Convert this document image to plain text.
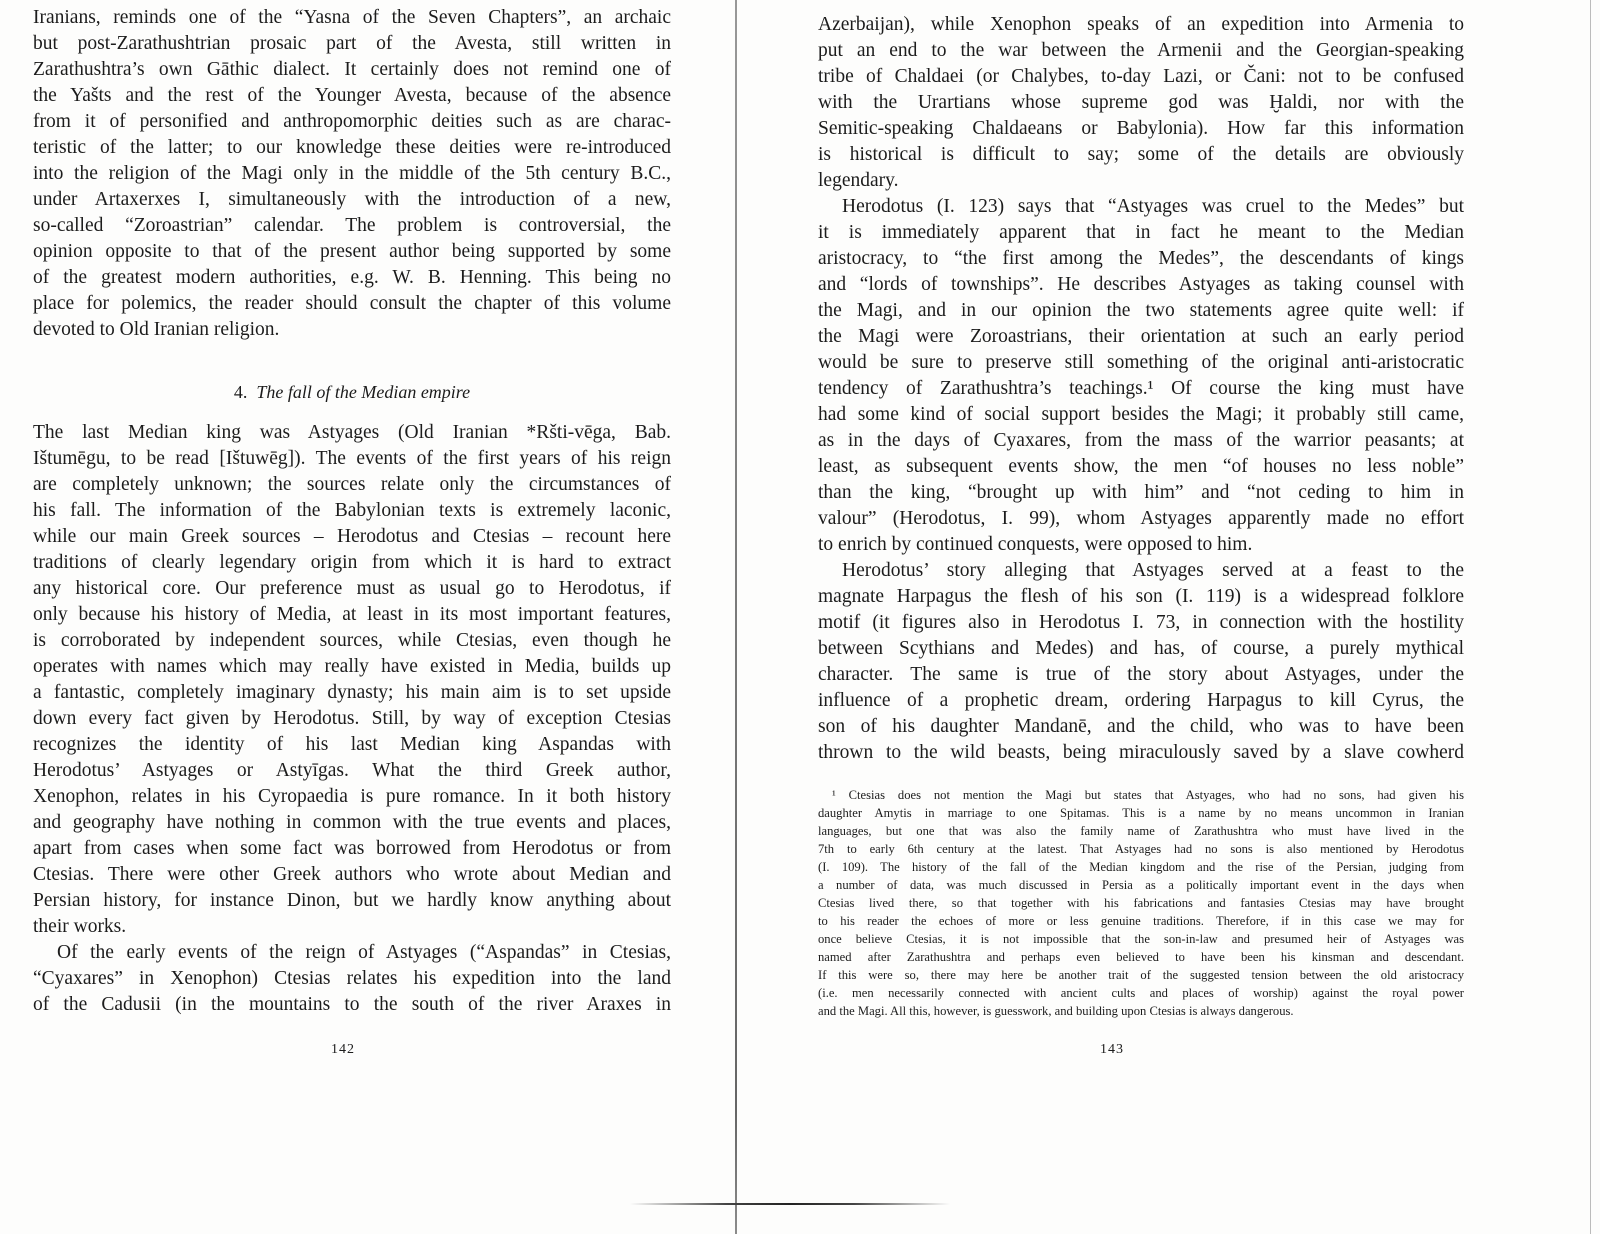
Iranians, reminds one of the “Yasna of the Seven Chapters”, an archaic
but post-Zarathushtrian prosaic part of the Avesta, still written in
Zarathushtra’s own Gāthic dialect. It certainly does not remind one of
the Yašts and the rest of the Younger Avesta, because of the absence
from it of personified and anthropomorphic deities such as are charac-
teristic of the latter; to our knowledge these deities were re-introduced
into the religion of the Magi only in the middle of the 5th century B.C.,
under Artaxerxes I, simultaneously with the introduction of a new,
so-called “Zoroastrian” calendar. The problem is controversial, the
opinion opposite to that of the present author being supported by some
of the greatest modern authorities, e.g. W. B. Henning. This being no
place for polemics, the reader should consult the chapter of this volume
devoted to Old Iranian religion.
4. The fall of the Median empire
The last Median king was Astyages (Old Iranian *Ršti-vēga, Bab.
Ištumēgu, to be read [Ištuwēg]). The events of the first years of his reign
are completely unknown; the sources relate only the circumstances of
his fall. The information of the Babylonian texts is extremely laconic,
while our main Greek sources – Herodotus and Ctesias – recount here
traditions of clearly legendary origin from which it is hard to extract
any historical core. Our preference must as usual go to Herodotus, if
only because his history of Media, at least in its most important features,
is corroborated by independent sources, while Ctesias, even though he
operates with names which may really have existed in Media, builds up
a fantastic, completely imaginary dynasty; his main aim is to set upside
down every fact given by Herodotus. Still, by way of exception Ctesias
recognizes the identity of his last Median king Aspandas with
Herodotus’ Astyages or Astyīgas. What the third Greek author,
Xenophon, relates in his Cyropaedia is pure romance. In it both history
and geography have nothing in common with the true events and places,
apart from cases when some fact was borrowed from Herodotus or from
Ctesias. There were other Greek authors who wrote about Median and
Persian history, for instance Dinon, but we hardly know anything about
their works.
Of the early events of the reign of Astyages (“Aspandas” in Ctesias,
“Cyaxares” in Xenophon) Ctesias relates his expedition into the land
of the Cadusii (in the mountains to the south of the river Araxes in
142
Azerbaijan), while Xenophon speaks of an expedition into Armenia to
put an end to the war between the Armenii and the Georgian-speaking
tribe of Chaldaei (or Chalybes, to-day Lazi, or Čani: not to be confused
with the Urartians whose supreme god was Ḫaldi, nor with the
Semitic-speaking Chaldaeans or Babylonia). How far this information
is historical is difficult to say; some of the details are obviously
legendary.
Herodotus (I. 123) says that “Astyages was cruel to the Medes” but
it is immediately apparent that in fact he meant to the Median
aristocracy, to “the first among the Medes”, the descendants of kings
and “lords of townships”. He describes Astyages as taking counsel with
the Magi, and in our opinion the two statements agree quite well: if
the Magi were Zoroastrians, their orientation at such an early period
would be sure to preserve still something of the original anti-aristocratic
tendency of Zarathushtra’s teachings.¹ Of course the king must have
had some kind of social support besides the Magi; it probably still came,
as in the days of Cyaxares, from the mass of the warrior peasants; at
least, as subsequent events show, the men “of houses no less noble”
than the king, “brought up with him” and “not ceding to him in
valour” (Herodotus, I. 99), whom Astyages apparently made no effort
to enrich by continued conquests, were opposed to him.
Herodotus’ story alleging that Astyages served at a feast to the
magnate Harpagus the flesh of his son (I. 119) is a widespread folklore
motif (it figures also in Herodotus I. 73, in connection with the hostility
between Scythians and Medes) and has, of course, a purely mythical
character. The same is true of the story about Astyages, under the
influence of a prophetic dream, ordering Harpagus to kill Cyrus, the
son of his daughter Mandanē, and the child, who was to have been
thrown to the wild beasts, being miraculously saved by a slave cowherd
¹ Ctesias does not mention the Magi but states that Astyages, who had no sons, had given his
daughter Amytis in marriage to one Spitamas. This is a name by no means uncommon in Iranian
languages, but one that was also the family name of Zarathushtra who must have lived in the
7th to early 6th century at the latest. That Astyages had no sons is also mentioned by Herodotus
(I. 109). The history of the fall of the Median kingdom and the rise of the Persian, judging from
a number of data, was much discussed in Persia as a politically important event in the days when
Ctesias lived there, so that together with his fabrications and fantasies Ctesias may have brought
to his reader the echoes of more or less genuine traditions. Therefore, if in this case we may for
once believe Ctesias, it is not impossible that the son-in-law and presumed heir of Astyages was
named after Zarathushtra and perhaps even believed to have been his kinsman and descendant.
If this were so, there may here be another trait of the suggested tension between the old aristocracy
(i.e. men necessarily connected with ancient cults and places of worship) against the royal power
and the Magi. All this, however, is guesswork, and building upon Ctesias is always dangerous.
143
